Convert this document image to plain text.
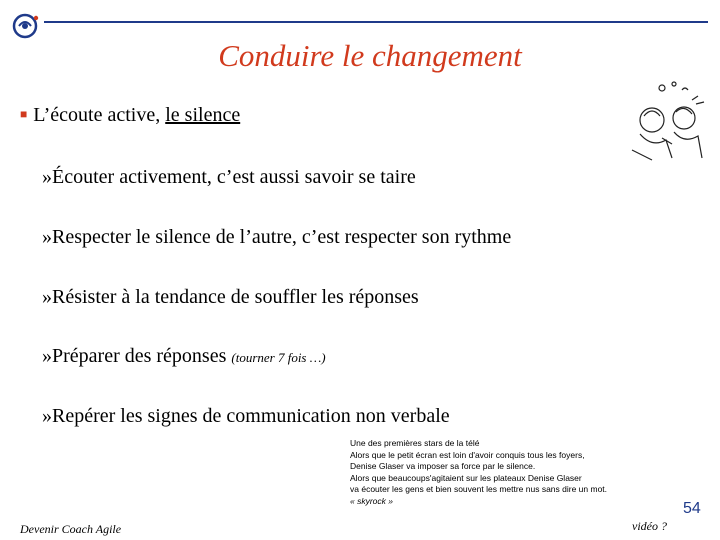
Conduire le changement
■ L’écoute active, le silence
»Écouter activement, c’est aussi savoir se taire
»Respecter le silence de l’autre, c’est respecter son rythme
»Résister à la tendance de souffler les réponses
»Préparer des réponses (tourner 7 fois …)
»Repérer les signes de communication non verbale
Une des premières stars de la télé
Alors que le petit écran est loin d'avoir conquis tous les foyers,
Denise Glaser va imposer sa force par le silence.
Alors que beaucoups'agitaient sur les plateaux Denise Glaser
va écouter les gens et bien souvent les mettre nus sans dire un mot.
« skyrock »	54
Devenir Coach Agile	vidéo ?
